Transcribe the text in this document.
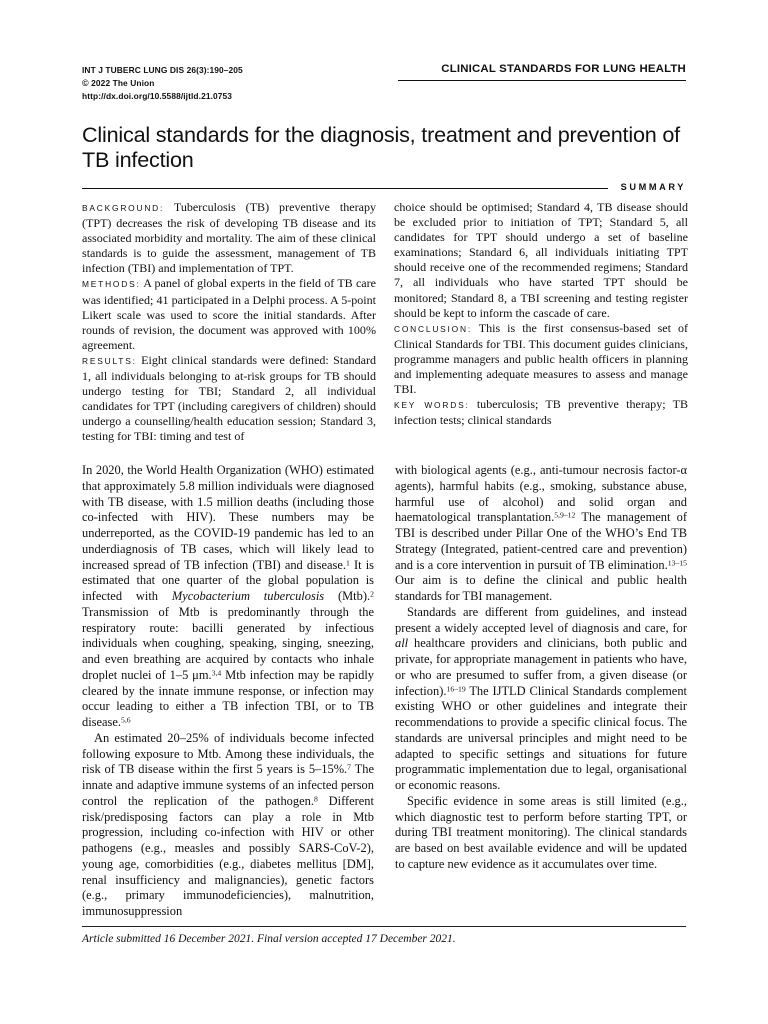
INT J TUBERC LUNG DIS 26(3):190–205
© 2022 The Union
http://dx.doi.org/10.5588/ijtld.21.0753
CLINICAL STANDARDS FOR LUNG HEALTH
Clinical standards for the diagnosis, treatment and prevention of TB infection
SUMMARY

BACKGROUND: Tuberculosis (TB) preventive therapy (TPT) decreases the risk of developing TB disease and its associated morbidity and mortality. The aim of these clinical standards is to guide the assessment, management of TB infection (TBI) and implementation of TPT.

METHODS: A panel of global experts in the field of TB care was identified; 41 participated in a Delphi process. A 5-point Likert scale was used to score the initial standards. After rounds of revision, the document was approved with 100% agreement.

RESULTS: Eight clinical standards were defined: Standard 1, all individuals belonging to at-risk groups for TB should undergo testing for TBI; Standard 2, all individual candidates for TPT (including caregivers of children) should undergo a counselling/health education session; Standard 3, testing for TBI: timing and test of

choice should be optimised; Standard 4, TB disease should be excluded prior to initiation of TPT; Standard 5, all candidates for TPT should undergo a set of baseline examinations; Standard 6, all individuals initiating TPT should receive one of the recommended regimens; Standard 7, all individuals who have started TPT should be monitored; Standard 8, a TBI screening and testing register should be kept to inform the cascade of care.

CONCLUSION: This is the first consensus-based set of Clinical Standards for TBI. This document guides clinicians, programme managers and public health officers in planning and implementing adequate measures to assess and manage TBI.

KEY WORDS: tuberculosis; TB preventive therapy; TB infection tests; clinical standards

In 2020, the World Health Organization (WHO) estimated that approximately 5.8 million individuals were diagnosed with TB disease, with 1.5 million deaths (including those co-infected with HIV). These numbers may be underreported, as the COVID-19 pandemic has led to an underdiagnosis of TB cases, which will likely lead to increased spread of TB infection (TBI) and disease.$^1$ It is estimated that one quarter of the global population is infected with Mycobacterium tuberculosis (Mtb).$^2$ Transmission of Mtb is predominantly through the respiratory route: bacilli generated by infectious individuals when coughing, speaking, singing, sneezing, and even breathing are acquired by contacts who inhale droplet nuclei of 1–5 μm.$^{3,4}$ Mtb infection may be rapidly cleared by the innate immune response, or infection may occur leading to either a TB infection TBI, or to TB disease.$^{5,6}$

An estimated 20–25% of individuals become infected following exposure to Mtb. Among these individuals, the risk of TB disease within the first 5 years is 5–15%.$^7$ The innate and adaptive immune systems of an infected person control the replication of the pathogen.$^8$ Different risk/predisposing factors can play a role in Mtb progression, including co-infection with HIV or other pathogens (e.g., measles and possibly SARS-CoV-2), young age, comorbidities (e.g., diabetes mellitus [DM], renal insufficiency and malignancies), genetic factors (e.g., primary immunodeficiencies), malnutrition, immunosuppression

with biological agents (e.g., anti-tumour necrosis factor-α agents), harmful habits (e.g., smoking, substance abuse, harmful use of alcohol) and solid organ and haematological transplantation.$^{5,9-12}$ The management of TBI is described under Pillar One of the WHO’s End TB Strategy (Integrated, patient-centred care and prevention) and is a core intervention in pursuit of TB elimination.$^{13-15}$ Our aim is to define the clinical and public health standards for TBI management.

Standards are different from guidelines, and instead present a widely accepted level of diagnosis and care, for all healthcare providers and clinicians, both public and private, for appropriate management in patients who have, or who are presumed to suffer from, a given disease (or infection).$^{16-19}$ The IJTLD Clinical Standards complement existing WHO or other guidelines and integrate their recommendations to provide a specific clinical focus. The standards are universal principles and might need to be adapted to specific settings and situations for future programmatic implementation due to legal, organisational or economic reasons.

Specific evidence in some areas is still limited (e.g., which diagnostic test to perform before starting TPT, or during TBI treatment monitoring). The clinical standards are based on best available evidence and will be updated to capture new evidence as it accumulates over time.

Article submitted 16 December 2021. Final version accepted 17 December 2021.
